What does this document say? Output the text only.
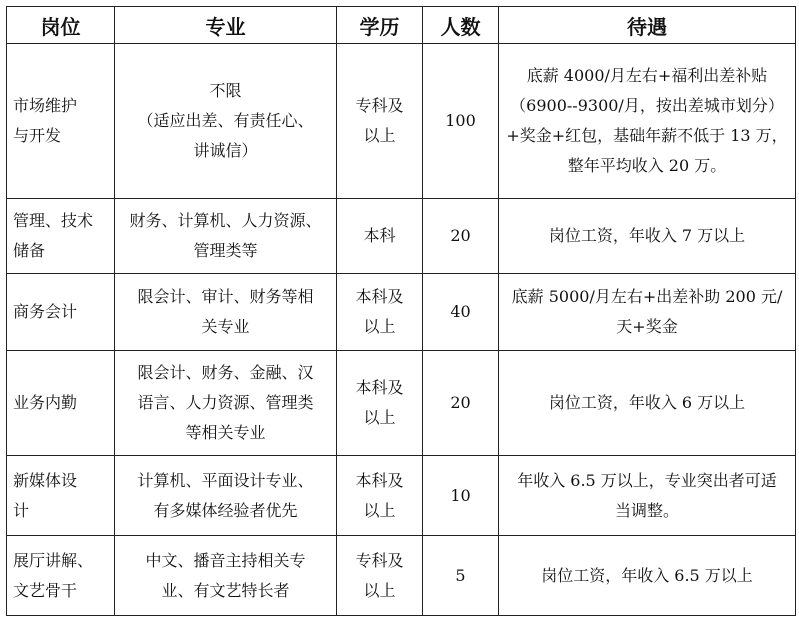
岗位	专业	学历	人数	待遇

市场维护
与开发	不限
（适应出差、有责任心、
讲诚信）	专科及
以上	100	底薪 4000/月左右+福利出差补贴
（6900--9300/月，按出差城市划分）
+奖金+红包，基础年薪不低于 13 万，
整年平均收入 20 万。

管理、技术
储备	财务、计算机、人力资源、
管理类等	本科	20	岗位工资，年收入 7 万以上

商务会计	限会计、审计、财务等相
关专业	本科及
以上	40	底薪 5000/月左右+出差补助 200 元/
天+奖金

业务内勤	限会计、财务、金融、汉
语言、人力资源、管理类
等相关专业	本科及
以上	20	岗位工资，年收入 6 万以上

新媒体设
计	计算机、平面设计专业、
有多媒体经验者优先	本科及
以上	10	年收入 6.5 万以上，专业突出者可适
当调整。

展厅讲解、
文艺骨干	中文、播音主持相关专
业、有文艺特长者	专科及
以上	5	岗位工资，年收入 6.5 万以上
